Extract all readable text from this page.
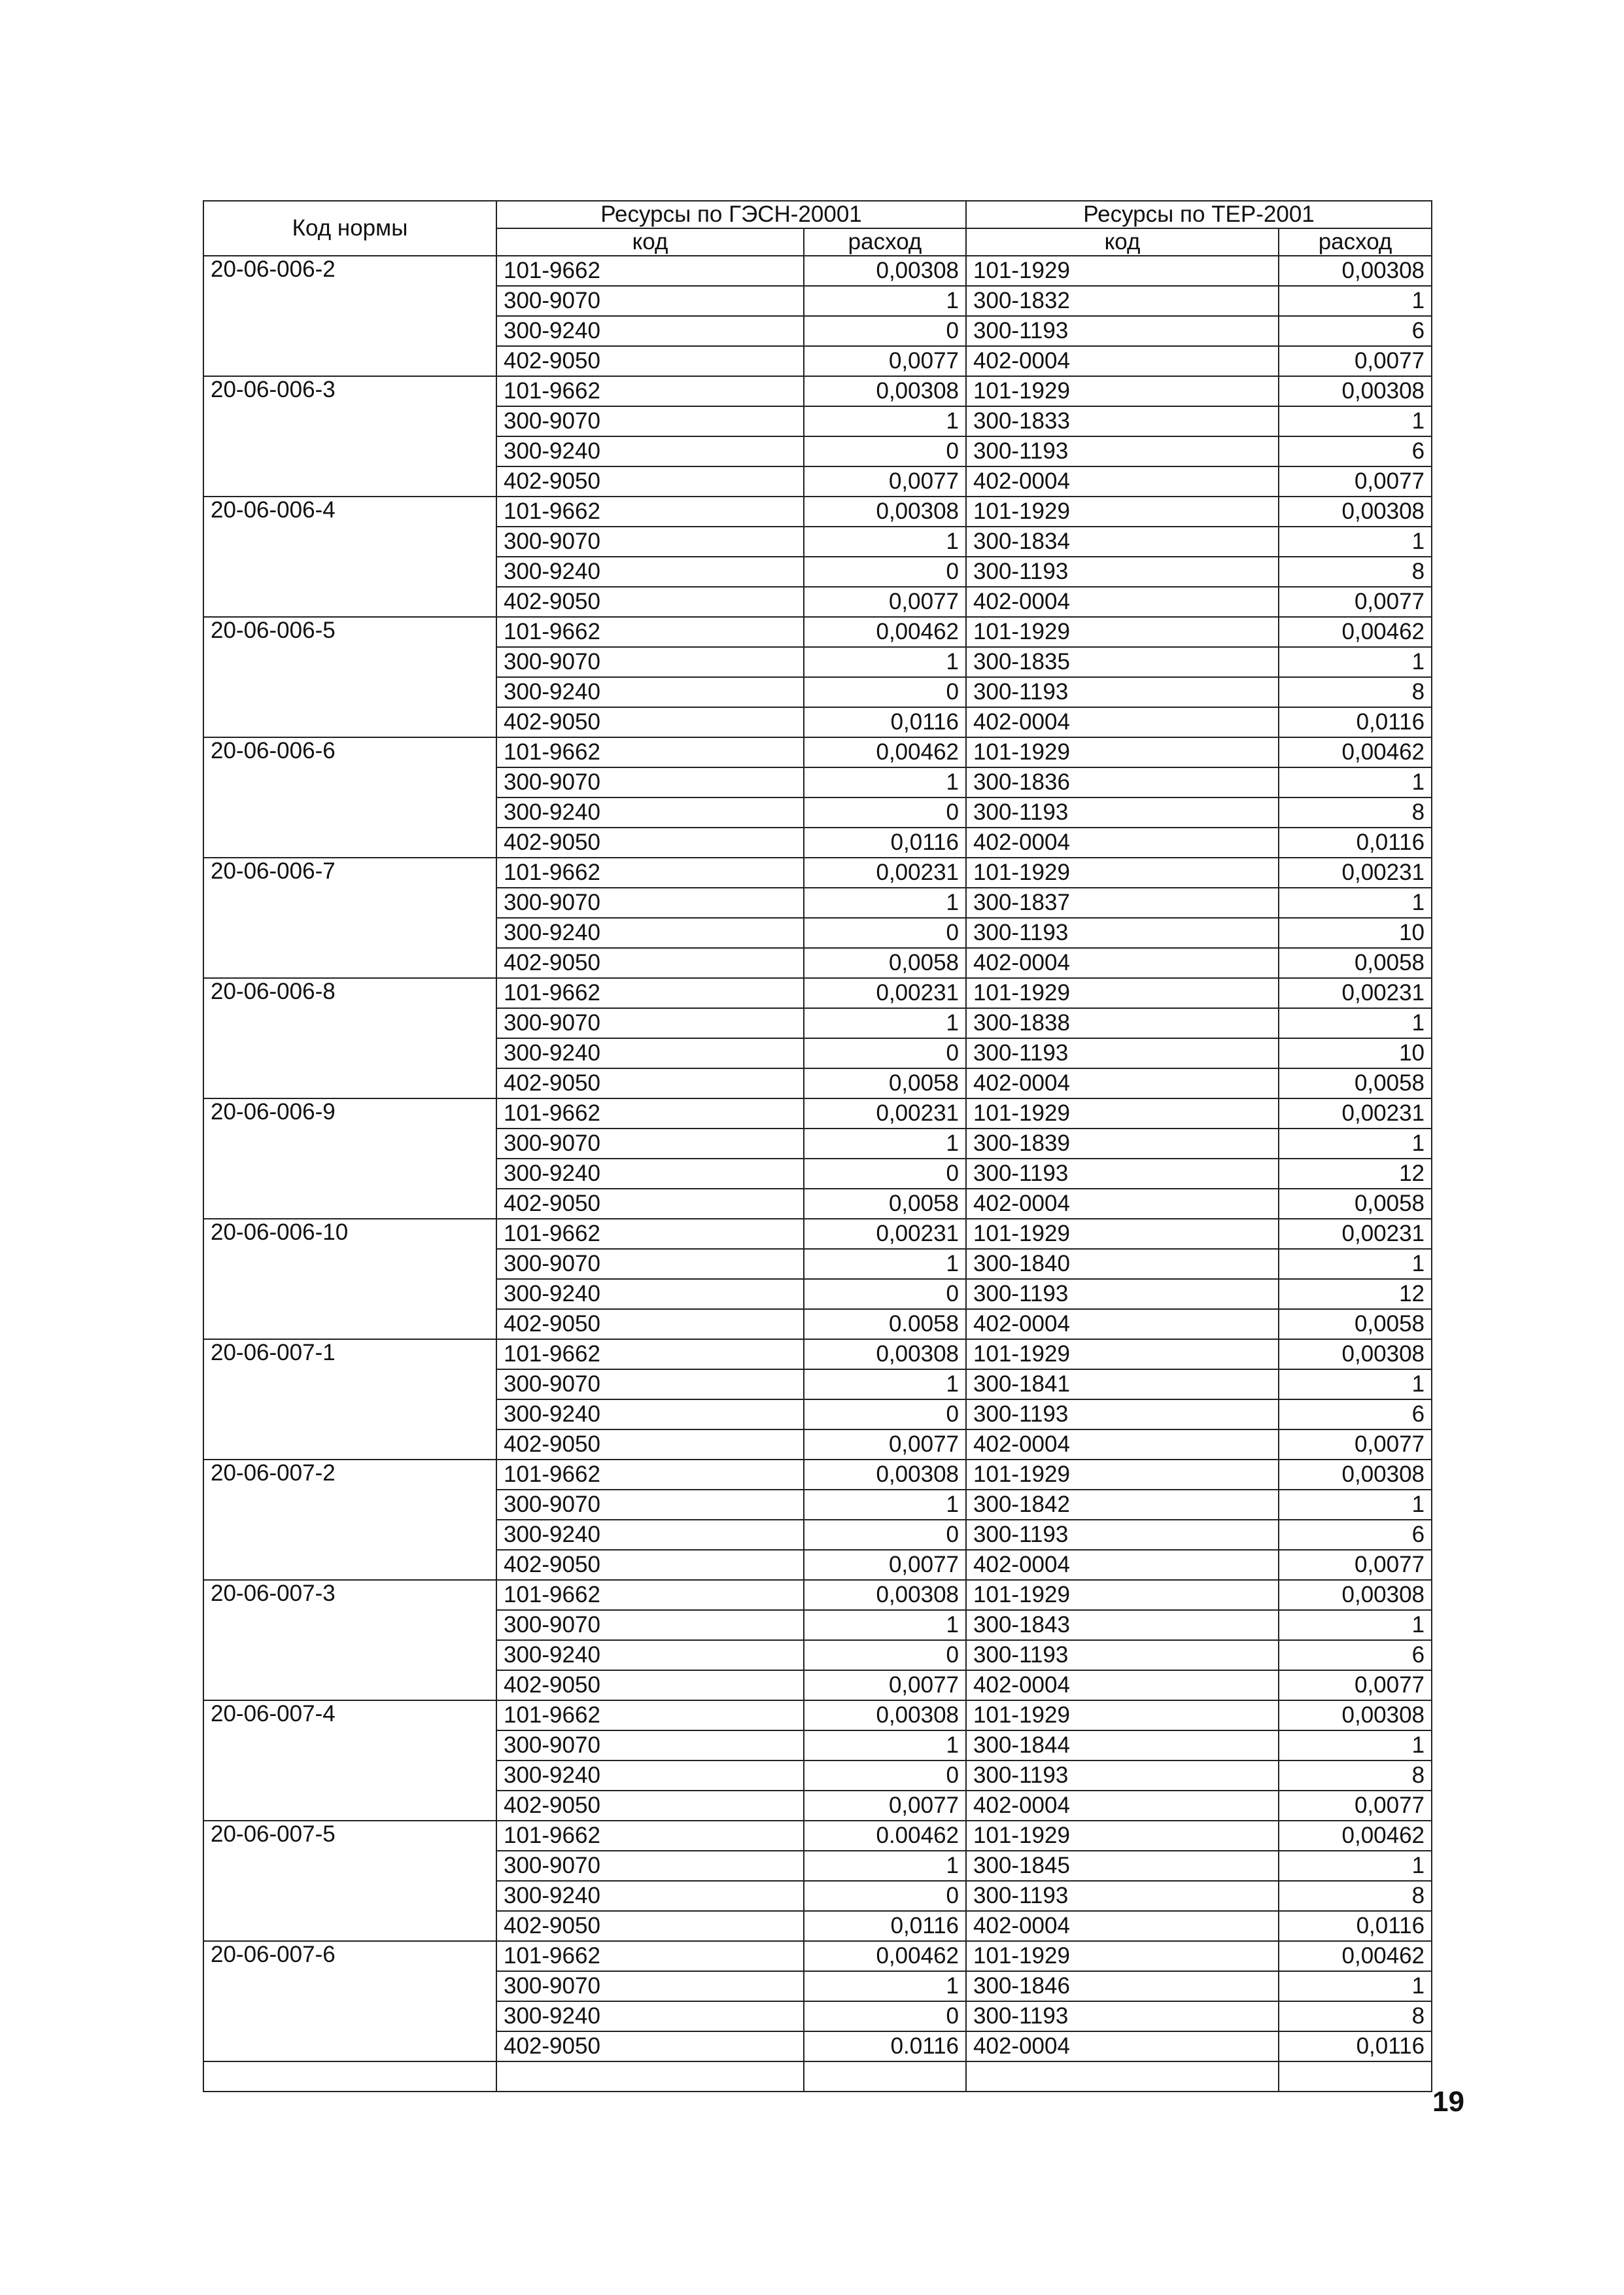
Код нормы	Ресурсы по ГЭСН-20001		Ресурсы по ТЕР-2001	
	код	расход	код	расход
20-06-006-2	101-9662	0,00308	101-1929	0,00308
	300-9070	1	300-1832	1
	300-9240	0	300-1193	6
	402-9050	0,0077	402-0004	0,0077
20-06-006-3	101-9662	0,00308	101-1929	0,00308
	300-9070	1	300-1833	1
	300-9240	0	300-1193	6
	402-9050	0,0077	402-0004	0,0077
20-06-006-4	101-9662	0,00308	101-1929	0,00308
	300-9070	1	300-1834	1
	300-9240	0	300-1193	8
	402-9050	0,0077	402-0004	0,0077
20-06-006-5	101-9662	0,00462	101-1929	0,00462
	300-9070	1	300-1835	1
	300-9240	0	300-1193	8
	402-9050	0,0116	402-0004	0,0116
20-06-006-6	101-9662	0,00462	101-1929	0,00462
	300-9070	1	300-1836	1
	300-9240	0	300-1193	8
	402-9050	0,0116	402-0004	0,0116
20-06-006-7	101-9662	0,00231	101-1929	0,00231
	300-9070	1	300-1837	1
	300-9240	0	300-1193	10
	402-9050	0,0058	402-0004	0,0058
20-06-006-8	101-9662	0,00231	101-1929	0,00231
	300-9070	1	300-1838	1
	300-9240	0	300-1193	10
	402-9050	0,0058	402-0004	0,0058
20-06-006-9	101-9662	0,00231	101-1929	0,00231
	300-9070	1	300-1839	1
	300-9240	0	300-1193	12
	402-9050	0,0058	402-0004	0,0058
20-06-006-10	101-9662	0,00231	101-1929	0,00231
	300-9070	1	300-1840	1
	300-9240	0	300-1193	12
	402-9050	0.0058	402-0004	0,0058
20-06-007-1	101-9662	0,00308	101-1929	0,00308
	300-9070	1	300-1841	1
	300-9240	0	300-1193	6
	402-9050	0,0077	402-0004	0,0077
20-06-007-2	101-9662	0,00308	101-1929	0,00308
	300-9070	1	300-1842	1
	300-9240	0	300-1193	6
	402-9050	0,0077	402-0004	0,0077
20-06-007-3	101-9662	0,00308	101-1929	0,00308
	300-9070	1	300-1843	1
	300-9240	0	300-1193	6
	402-9050	0,0077	402-0004	0,0077
20-06-007-4	101-9662	0,00308	101-1929	0,00308
	300-9070	1	300-1844	1
	300-9240	0	300-1193	8
	402-9050	0,0077	402-0004	0,0077
20-06-007-5	101-9662	0.00462	101-1929	0,00462
	300-9070	1	300-1845	1
	300-9240	0	300-1193	8
	402-9050	0,0116	402-0004	0,0116
20-06-007-6	101-9662	0,00462	101-1929	0,00462
	300-9070	1	300-1846	1
	300-9240	0	300-1193	8
	402-9050	0.0116	402-0004	0,0116

19
